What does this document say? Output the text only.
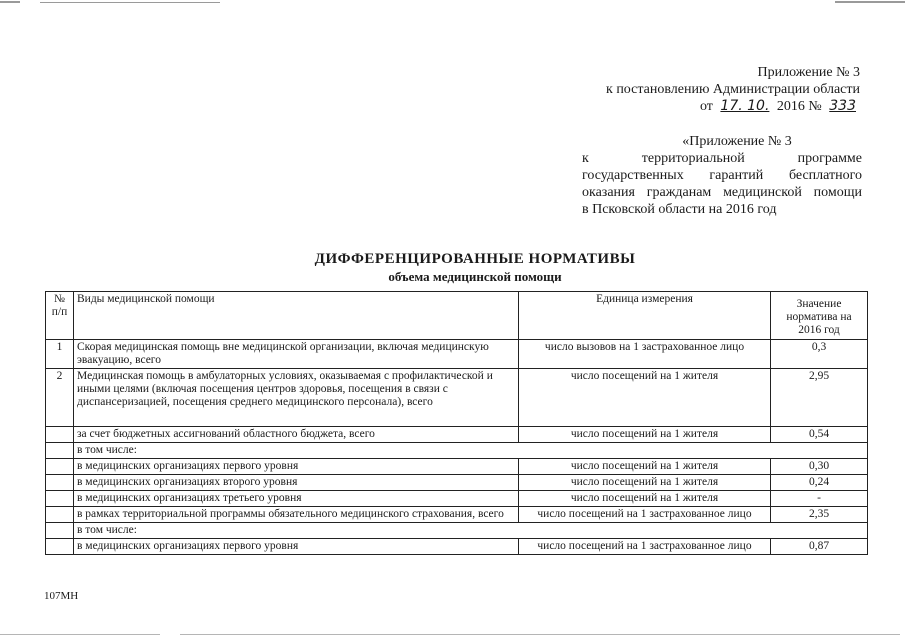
Приложение № 3
к постановлению Администрации области
от 17. 10. 2016 № 333
«Приложение № 3
к территориальной программе
государственных гарантий бесплатного
оказания гражданам медицинской помощи
в Псковской области на 2016 год
ДИФФЕРЕНЦИРОВАННЫЕ НОРМАТИВЫ
объема медицинской помощи
№ п/п	Виды медицинской помощи	Единица измерения	Значение норматива на 2016 год
1	Скорая медицинская помощь вне медицинской организации, включая медицинскую эвакуацию, всего	число вызовов на 1 застрахованное лицо	0,3
2	Медицинская помощь в амбулаторных условиях, оказываемая с профилактической и иными целями (включая посещения центров здоровья, посещения в связи с диспансеризацией, посещения среднего медицинского персонала), всего	число посещений на 1 жителя	2,95
	за счет бюджетных ассигнований областного бюджета, всего	число посещений на 1 жителя	0,54
	в том числе:		
	в медицинских организациях первого уровня	число посещений на 1 жителя	0,30
	в медицинских организациях второго уровня	число посещений на 1 жителя	0,24
	в медицинских организациях третьего уровня	число посещений на 1 жителя	-
	в рамках территориальной программы обязательного медицинского страхования, всего	число посещений на 1 застрахованное лицо	2,35
	в том числе:		
	в медицинских организациях первого уровня	число посещений на 1 застрахованное лицо	0,87
107МН
